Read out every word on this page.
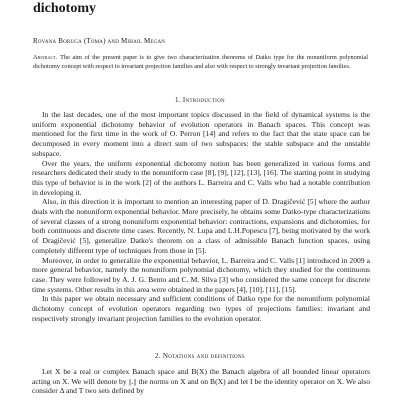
dichotomy
Rovana Boruga (Toma) and Mihail Megan
Abstract. The aim of the present paper is to give two characterization theorems of Datko type for the nonuniform polynomial dichotomy concept with respect to invariant projection families and also with respect to strongly invariant projection families.
1. Introduction

In the last decades, one of the most important topics discussed in the field of dynamical systems is the uniform exponential dichotomy behavior of evolution operators in Banach spaces. This concept was mentioned for the first time in the work of O. Perron [14] and refers to the fact that the state space can be decomposed in every moment into a direct sum of two subspaces: the stable subspace and the unstable subspace.

Over the years, the uniform exponential dichotomy notion has been generalized in various forms and researchers dedicated their study to the nonuniform case [8], [9], [12], [13], [16]. The starting point in studying this type of behavior is in the work [2] of the authors L. Barreira and C. Valls who had a notable contribution in developing it.

Also, in this direction it is important to mention an interesting paper of D. Dragičević [5] where the author deals with the nonuniform exponential behavior. More precisely, he obtains some Datko-type characterizations of several classes of a strong nonuniform exponential behavior: contractions, expansions and dichotomies, for both continuous and discrete time cases. Recently, N. Lupa and L.H.Popescu [7], being motivated by the work of Dragičević [5], generalize Datko's theorem on a class of admissible Banach function spaces, using completely different type of techniques from those in [5].

Moreover, in order to generalize the exponential behavior, L. Barreira and C. Valls [1] introduced in 2009 a more general behavior, namely the nonuniform polynomial dichotomy, which they studied for the continuous case. They were followed by A. J. G. Bento and C. M. Silva [3] who considered the same concept for discrete time systems. Other results in this area were obtained in the papers [4], [10], [11], [15].

In this paper we obtain necessary and sufficient conditions of Datko type for the nonuniform polynomial dichotomy concept of evolution operators regarding two types of projections families: invariant and respectively strongly invariant projection families to the evolution operator.

2. Notations and definitions

Let X be a real or complex Banach space and B(X) the Banach algebra of all bounded linear operators acting on X. We will denote by ||.|| the norms on X and on B(X) and let I be the identity operator on X. We also consider Δ and T two sets defined by
